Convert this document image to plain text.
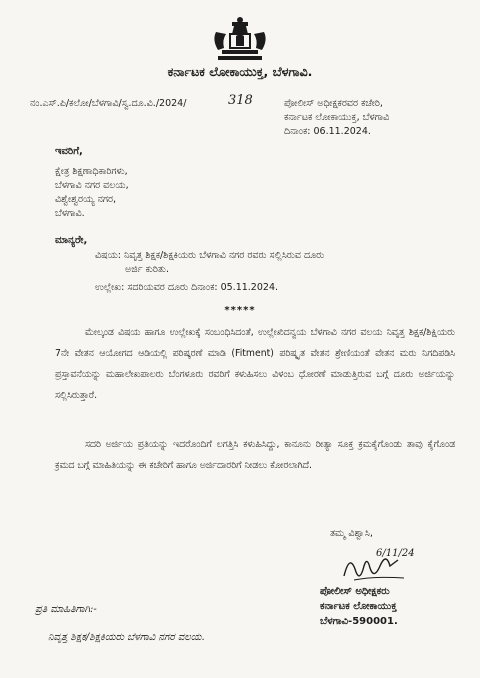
ಕರ್ನಾಟಕ ಲೋಕಾಯುಕ್ತ, ಬೆಳಗಾವಿ.
ನಂ.ಎಸ್.ಪಿ/ಕಲೋ/ಬೆಳಗಾವಿ/ಸ್ವ.ದೂ.ವಿ./2024/	318	ಪೋಲೀಸ್ ಅಧೀಕ್ಷಕರವರ ಕಚೇರಿ,
ಕರ್ನಾಟಕ ಲೋಕಾಯುಕ್ತ, ಬೆಳಗಾವಿ
ದಿನಾಂಕ: 06.11.2024.
ಇವರಿಗೆ,
ಕ್ಷೇತ್ರ ಶಿಕ್ಷಣಾಧಿಕಾರಿಗಳು,
ಬೆಳಗಾವಿ ನಗರ ವಲಯ,
ವಿಶ್ವೇಶ್ವರಯ್ಯ ನಗರ,
ಬೆಳಗಾವಿ.
ಮಾನ್ಯರೇ,
ವಿಷಯ: ನಿವೃತ್ತ ಶಿಕ್ಷಕ/ಶಿಕ್ಷಕಿಯರು ಬೆಳಗಾವಿ ನಗರ ರವರು ಸಲ್ಲಿಸಿರುವ ದೂರು
ಅರ್ಜಿ ಕುರಿತು.
ಉಲ್ಲೇಖ: ಸದರಿಯವರ ದೂರು ದಿನಾಂಕ: 05.11.2024.
*****

ಮೇಲ್ಕಂಡ ವಿಷಯ ಹಾಗೂ ಉಲ್ಲೇಖಕ್ಕೆ ಸಂಬಂಧಿಸಿದಂತೆ, ಉಲ್ಲೇಖಿದನ್ವಯ ಬೆಳಗಾವಿ ನಗರ ವಲಯ ನಿವೃತ್ತ ಶಿಕ್ಷಕ/ಶಿಕ್ಷಿಯರು 7ನೇ ವೇತನ ಆಯೋಗದ ಆಡಿಯಲ್ಲಿ ಪರಿಷ್ಕರಣೆ ಮಾಡಿ (Fitment) ಪರಿಷ್ಕೃತ ವೇತನ ಶ್ರೇಣಿಯಂತೆ ವೇತನ ಮರು ನಿಗದಿಪಡಿಸಿ ಪ್ರಸ್ತಾವನೆಯನ್ನು ಮಹಾಲೇಖಪಾಲರು ಬೆಂಗಳೂರು ರವರಿಗೆ ಕಳುಹಿಸಲು ವಿಳಂಬ ಧೋರಣೆ ಮಾಡುತ್ತಿರುವ ಬಗ್ಗೆ ದೂರು ಅರ್ಜಿಯನ್ನು ಸಲ್ಲಿಸಿರುತ್ತಾರೆ.

ಸದರಿ ಅರ್ಜಿಯ ಪ್ರತಿಯನ್ನು ಇದರೊಂದಿಗೆ ಲಗತ್ತಿಸಿ ಕಳುಹಿಸಿದ್ದು, ಕಾನೂನು ರೀತ್ಯಾ ಸೂಕ್ತ ಕ್ರಮಕೈಗೊಂಡು ತಾವು ಕೈಗೊಂಡ ಕ್ರಮದ ಬಗ್ಗೆ ಮಾಹಿತಿಯನ್ನು ಈ ಕಚೇರಿಗೆ ಹಾಗೂ ಅರ್ಜಿದಾರರಿಗೆ ನೀಡಲು ಕೋರಲಾಗಿದೆ.

ತಮ್ಮ ವಿಶ್ವಾಸಿ,
6/11/24
ಪೋಲೀಸ್ ಅಧೀಕ್ಷಕರು
ಕರ್ನಾಟಕ ಲೋಕಾಯುಕ್ತ
ಬೆಳಗಾವಿ-590001.
ಪ್ರತಿ ಮಾಹಿತಿಗಾಗಿ:-
ನಿವೃತ್ತ ಶಿಕ್ಷಕ/ಶಿಕ್ಷಕಿಯರು ಬೆಳಗಾವಿ ನಗರ ವಲಯ.
